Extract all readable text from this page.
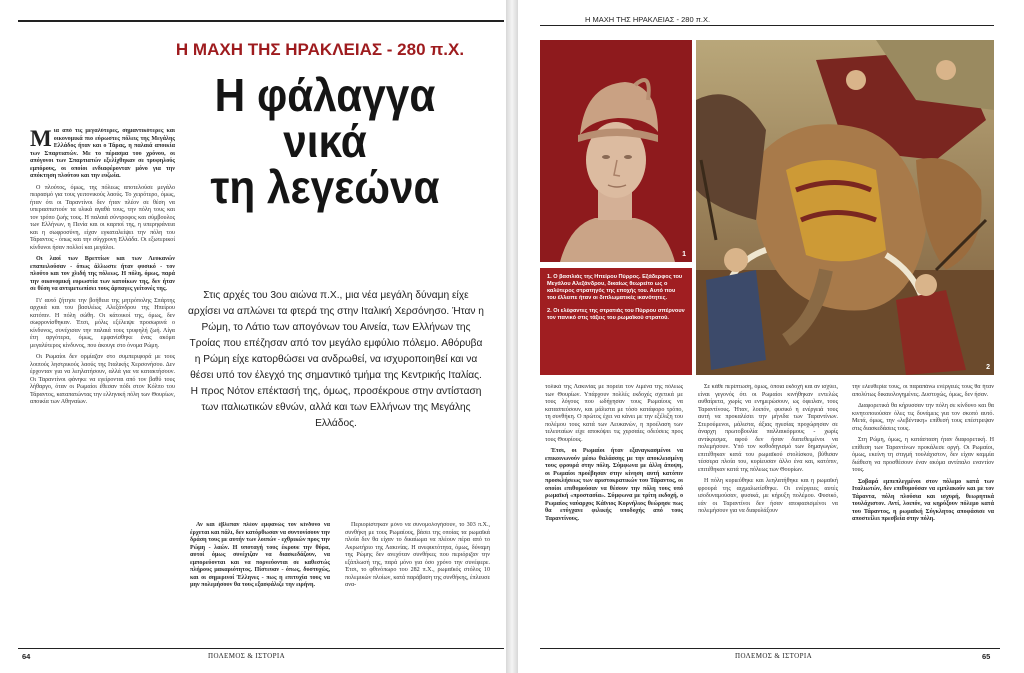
Η ΜΑΧΗ ΤΗΣ ΗΡΑΚΛΕΙΑΣ - 280 π.Χ.
Η φάλαγγα
νικά
τη λεγεώνα
Στις αρχές του 3ου αιώνα π.Χ., μια νέα μεγάλη δύναμη είχε αρχίσει να απλώνει τα φτερά της στην Ιταλική Χερσόνησο. Ήταν η Ρώμη, το Λάτιο των απογόνων του Αινεία, των Ελλήνων της Τροίας που επέζησαν από τον μεγάλο εμφύλιο πόλεμο. Αθόρυβα η Ρώμη είχε κατορθώσει να ανδρωθεί, να ισχυροποιηθεί και να θέσει υπό τον έλεγχό της σημαντικό τμήμα της Κεντρικής Ιταλίας. Η προς Νότον επέκτασή της, όμως, προσέκρουε στην αντίσταση των ιταλιωτικών εθνών, αλλά και των Ελλήνων της Μεγάλης Ελλάδος.

Μια από τις μεγαλύτερες, σημαντικότερες και οικονομικά πιο εύρωστες πόλεις της Μεγάλης Ελλάδος ήταν και ο Τάρας, η παλαιά αποικία των Σπαρτιατών. Με το πέρασμα του χρόνου, οι απόγονοι των Σπαρτιατών εξελίχθηκαν σε τρυφηλούς εμπόρους, οι οποίοι ενδιαφέρονταν μόνο για την απόκτηση πλούτου και την ευζωία.

Ο πλούτος, όμως, της πόλεως αποτελούσε μεγάλο πειρασμό για τους γειτονικούς λαούς. Το χειρότερο, όμως, ήταν ότι οι Ταραντίνοι δεν ήταν πλέον σε θέση να υπερασπιστούν τα υλικά αγαθά τους, την πόλη τους και τον τρόπο ζωής τους. Η παλαιά σύντροφος και σύμβουλος των Ελλήνων, η Πενία και οι καρποί της, η υπερηφάνεια και η σωφροσύνη, είχαν εγκαταλείψει την πόλη του Τάραντος - όπως και την σύγχρονη Ελλάδα. Οι εξωτερικοί κίνδυνοι ήσαν πολλοί και μεγάλοι.

Οι λαοί των Βρεττίων και των Λευκανών επαπειλούσαν - όπως άλλωστε ήταν φυσικό - τον πλούτο και τον χλιδή της πόλεως. Η πόλη, όμως, παρά την οικονομική ευρωστία των κατοίκων της, δεν ήταν σε θέση να αντιμετωπίσει τους άρπαγες γείτονές της.

Γι' αυτό ζήτησε την βοήθεια της μητρόπολης Σπάρτης αρχικά και του βασιλέως Αλεξάνδρου της Ηπείρου κατόπιν. Η πόλη σώθη. Οι κάτοικοί της, όμως, δεν σωφρονίσθηκαν. Έτσι, μόλις εξέλειψε προσωρινά ο κίνδυνος, συνέχισαν την παλαιά τους τρυφηλή ζωή. Λίγα έτη αργότερα, όμως, εμφανίσθηκε ένας ακόμα μεγαλύτερος κίνδυνος, που άκουγε στο όνομα Ρώμη.

Οι Ρωμαίοι δεν ορμίαζαν στο συμπεριφορά με τους λοιπούς ληστρικούς λαούς της Ιταλικής Χερσονήσου. Δεν έρχονταν για να λεηλατήσουν, αλλά για να κατακτήσουν. Οι Ταραντίνοι φάνηκε να εγείρονται από τον βαθύ τους λήθαργο, όταν οι Ρωμαίοι έθεσαν πόδι στον Κόλπο του Τάραντος, καταπατώντας την ελληνική πόλη των Θουρίων, αποικία των Αθηναίων.

Αν και έβλεπαν πλέον εμφανώς τον κίνδυνο να έρχεται και πάλι, δεν κατόρθωσαν να συντονίσουν την δράση τους με αυτήν των λοιπών - εχθρικών προς την Ρώμη - λαών. Η υποταγή τους έκρουε την θύρα, αυτοί όμως συνέχιζαν να διασκεδάζουν, να εμπορεύονται και να πορνεύονται σε καθεστώς πλήρους μακαριότητος. Πίστευαν - όπως, δυστυχώς, και οι σημερινοί Έλληνες - πως η επιτυχία τους να μην πολεμήσουν θα τους εξασφάλιζε την ειρήνη.

Περιορίστηκαν μόνο να συνομολογήσουν, το 303 π.Χ., συνθήκη με τους Ρωμαίους, βάσει της οποίας τα ρωμαϊκά πλοία δεν θα είχαν το δικαίωμα να πλέουν πέρα από το Ακρωτήριο της Λακινίας. Η ανεφικτότητα, όμως, δύναμη της Ρώμης δεν ανεχόταν συνθήκες που περιόριζαν την εξάπλωσή της, παρά μόνο για όσο χρόνο την συνέφερε. Έτσι, το φθινόπωρο του 282 π.Χ., ρωμαϊκός στόλος 10 πολεμικών πλοίων, κατά παράβαση της συνθήκης, έπλευσε ανα-

64	ΠΟΛΕΜΟΣ & ΙΣΤΟΡΙΑ
Η ΜΑΧΗ ΤΗΣ ΗΡΑΚΛΕΙΑΣ - 280 π.Χ.
1

1. Ο βασιλιάς της Ηπείρου Πύρρος. Εξάδερφος του Μεγάλου Αλεξάνδρου, δικαίως θεωρείτο ως ο καλύτερος στρατηγός της εποχής του. Αυτό που του έλλειπε ήταν οι διπλωματικές ικανότητες.

2. Οι ελέφαντες της στρατιάς του Πύρρου σπέρνουν τον πανικό στις τάξεις του ρωμαϊκού στρατού.

2

τολικά της Λακινίας με πορεία τον λιμένα της πόλεως των Θουρίων. Υπάρχουν πολλές εκδοχές σχετικά με τους λόγους που ωδήγησαν τους Ρωμαίους να κατασπεύσουν, και μάλιστα με τόσο κατάφορο τρόπο, τη συνθήκη. Ο πρώτος έχει να κάνει με την εξέλιξη του πολέμου τους κατά των Λευκανών, η προέλαση των τελευταίων είχε αποκόψει τις χερσαίες οδεύσεις προς τους Θουρίους.

Έτσι, οι Ρωμαίοι ήταν εξαναγκασμένοι να επικοινωνούν μέσω θαλάσσης με την αποκλεισμένη τους φρουρά στην πόλη. Σύμφωνα με άλλη άποψη, οι Ρωμαίοι προέβησαν στην κίνηση αυτή κατόπιν προσκλήσεως των αριστοκρατικών του Τάραντος, οι οποίοι επιθυμούσαν να θέσουν την πόλη τους υπό ρωμαϊκή «προστασία». Σύμφωνα με τρίτη εκδοχή, ο Ρωμαίος ναύαρχος Κάϊνιος Κορνήλιος θεώρησε πως θα ετύγχανε φιλικής υποδοχής από τους Ταραντίνους.

Σε κάθε περίπτωση, όμως, όποια εκδοχή και αν ισχύει, είναι γεγονός ότι οι Ρωμαίοι κινήθηκαν εντελώς αυθαίρετα, χωρίς να ενημερώσουν, ως όφειλαν, τους Ταραντίνους. Ήταν, λοιπόν, φυσικό η ενέργειά τους αυτή να προκαλέσει την μήνιδα των Ταραντίνων. Στερούμενοι, μάλιστα, άξιας ηγεσίας προχώρησαν σε άναρχη πρωτοβουλία παλλαικόρμους - χωρίς αντίκρισμα, αφού δεν ήσαν διατεθειμένοι να πολεμήσουν. Υπό τον κοθοδηγισμό των δημαγωγών, επιτέθηκαν κατά του ρωμαϊκού στολίσκου, βύθισαν τέσσερα πλοία του, κυρίευσαν άλλο ένα και, κατόπιν, επιτέθηκαν κατά της πόλεως των Θουρίων.

Η πόλη κυριεύθηκε και λεηλατήθηκε και η ρωμαϊκή φρουρά της αιχμαλωτίσθηκε. Οι ενέργειες αυτές ισοδυναμούσαν, φυσικά, με κήρυξη πολέμου. Φυσικό, εάν οι Ταραντίνοι δεν ήσαν αποφασισμένοι να πολεμήσουν για να διαφυλάξουν

την ελευθερία τους, οι παραπάνω ενέργειές τους θα ήταν απολύτως δικαιολογημένες. Δυστυχώς, όμως, δεν ήσαν.

Διαφορετικά θα κήρυσσαν την πόλη σε κίνδυνο και θα κινητοποιούσαν όλες τις δυνάμεις για τον σκοπό αυτό. Μετά, όμως, την «λεβέντικη» επίθεσή τους επέστρεψαν στις διασκεδάσεις τους.

Στη Ρώμη, όμως, η κατάσταση ήταν διαφορετική. Η επίθεση των Ταραντίνων προκάλεσε οργή. Οι Ρωμαίοι, όμως, εκείνη τη στιγμή τουλάχιστον, δεν είχαν καμμία διάθεση να προσθέσουν έναν ακόμα αντίπαλο εναντίον τους.

Σοβαρά εμπεπλεγμένοι στον πόλεμο κατά των Ιταλιωτών, δεν επιθυμούσαν να εμπλακούν και με τον Τάραντα, πόλη πλούσια και ισχυρή, θεωρητικά τουλάχιστον. Αντί, λοιπόν, να κηρύξουν πόλεμο κατά του Τάραντος, η ρωμαϊκή Σύγκλητος αποφάσισε να αποστείλει πρεσβεία στην πόλη.

ΠΟΛΕΜΟΣ & ΙΣΤΟΡΙΑ	65
